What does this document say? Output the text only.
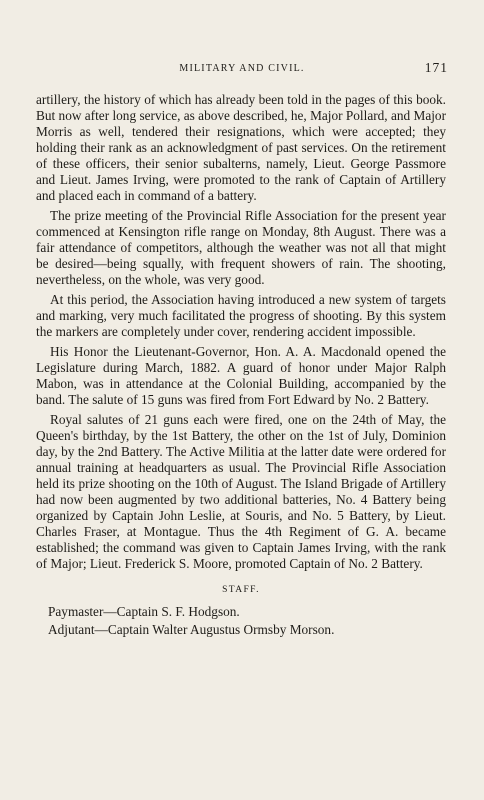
MILITARY AND CIVIL.	171

artillery, the history of which has already been told in the pages of this book. But now after long service, as above described, he, Major Pollard, and Major Morris as well, tendered their resignations, which were accepted; they holding their rank as an acknowledgment of past services. On the retirement of these officers, their senior subalterns, namely, Lieut. George Passmore and Lieut. James Irving, were promoted to the rank of Captain of Artillery and placed each in command of a battery.

The prize meeting of the Provincial Rifle Association for the present year commenced at Kensington rifle range on Monday, 8th August. There was a fair attendance of competitors, although the weather was not all that might be desired—being squally, with frequent showers of rain. The shooting, nevertheless, on the whole, was very good.

At this period, the Association having introduced a new system of targets and marking, very much facilitated the progress of shooting. By this system the markers are completely under cover, rendering accident impossible.

His Honor the Lieutenant-Governor, Hon. A. A. Macdonald opened the Legislature during March, 1882. A guard of honor under Major Ralph Mabon, was in attendance at the Colonial Building, accompanied by the band. The salute of 15 guns was fired from Fort Edward by No. 2 Battery.

Royal salutes of 21 guns each were fired, one on the 24th of May, the Queen's birthday, by the 1st Battery, the other on the 1st of July, Dominion day, by the 2nd Battery. The Active Militia at the latter date were ordered for annual training at headquarters as usual. The Provincial Rifle Association held its prize shooting on the 10th of August. The Island Brigade of Artillery had now been augmented by two additional batteries, No. 4 Battery being organized by Captain John Leslie, at Souris, and No. 5 Battery, by Lieut. Charles Fraser, at Montague. Thus the 4th Regiment of G. A. became established; the command was given to Captain James Irving, with the rank of Major; Lieut. Frederick S. Moore, promoted Captain of No. 2 Battery.

STAFF.
Paymaster—Captain S. F. Hodgson.
Adjutant—Captain Walter Augustus Ormsby Morson.
